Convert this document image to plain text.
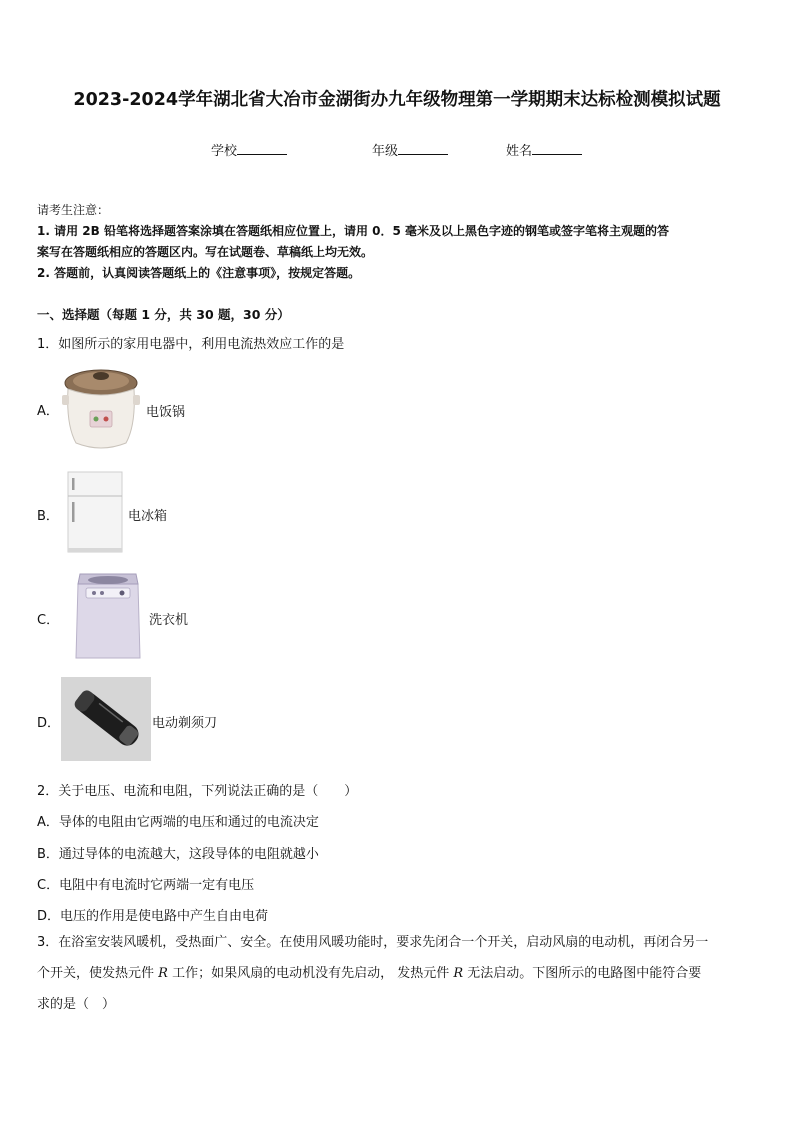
2023-2024学年湖北省大冶市金湖街办九年级物理第一学期期末达标检测模拟试题
学校	年级	姓名
请考生注意：
1. 请用 2B 铅笔将选择题答案涂填在答题纸相应位置上，请用 0．5 毫米及以上黑色字迹的钢笔或签字笔将主观题的答
案写在答题纸相应的答题区内。写在试题卷、草稿纸上均无效。
2. 答题前，认真阅读答题纸上的《注意事项》，按规定答题。
一、选择题（每题 1 分，共 30 题，30 分）
1．如图所示的家用电器中，利用电流热效应工作的是
A．	电饭锅
B．	电冰箱
C．	洗衣机
D．	电动剃须刀
2．关于电压、电流和电阻，下列说法正确的是（　　）
A．导体的电阻由它两端的电压和通过的电流决定
B．通过导体的电流越大，这段导体的电阻就越小
C．电阻中有电流时它两端一定有电压
D．电压的作用是使电路中产生自由电荷
3．在浴室安装风暖机，受热面广、安全。在使用风暖功能时，要求先闭合一个开关，启动风扇的电动机，再闭合另一
个开关，使发热元件 R 工作；如果风扇的电动机没有先启动， 发热元件 R 无法启动。下图所示的电路图中能符合要
求的是（　）
